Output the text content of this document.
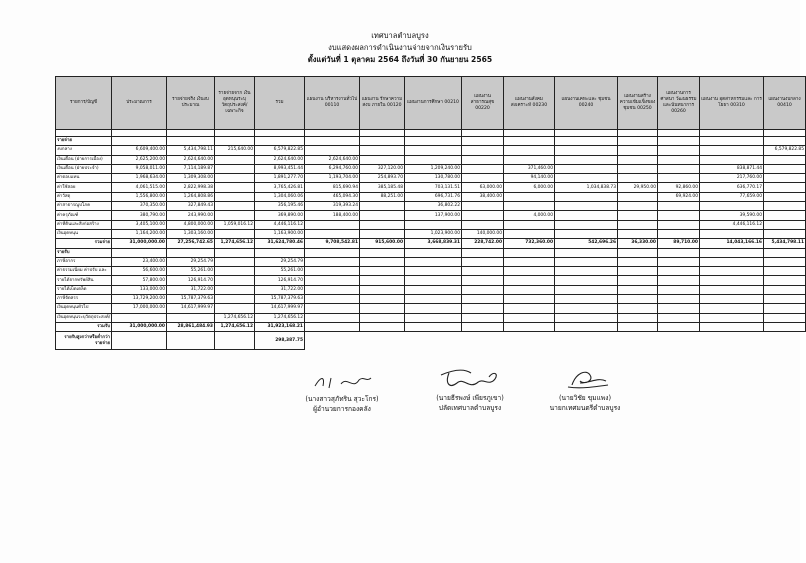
เทศบาลตำบลบูรง
งบแสดงผลการดำเนินงานจ่ายจากเงินรายรับ
ตั้งแต่วันที่ 1 ตุลาคม 2564 ถึงวันที่ 30 กันยายน 2565
รายการ/บัญชี	ประมาณการ	รายจ่ายจริง เงินงบประมาณ	รายจ่ายจาก เงินอุดหนุนระบุ วัตถุประสงค์/ เฉพาะกิจ	รวม	แผนงาน บริหารงานทั่วไป 00110	แผนงาน รักษาความสงบ ภายใน 00120	แผนงานการศึกษา 00210	แผนงาน สาธารณสุข 00220	แผนงานสังคม สงเคราะห์ 00230	แผนงานเคหะและ ชุมชน 00240	แผนงานสร้าง ความเข้มแข็งของ ชุมชน 00250	แผนงานการ ศาสนา วัฒนธรรม และนันทนาการ 00260	แผนงาน อุตสาหกรรมและ การโยธา 00310	แผนงานงบกลาง 00410

รายจ่าย														
งบกลาง	6,609,400.00	5,434,798.11	215,640.00	6,579,822.85										6,579,822.85
เงินเดือน (ฝ่ายการเมือง)	2,625,200.00	2,624,640.00		2,624,640.00	2,624,640.00									
เงินเดือน (ฝ่ายประจำ)	9,058,011.00	7,114,189.87		8,993,451.44	6,294,760.00	327,120.00	1,209,240.00		371,460.00				838,871.44	
ค่าตอบแทน	1,968,634.00	1,309,308.00		1,891,277.70	1,193,704.00	254,893.70	130,780.00		94,140.00				217,760.00	
ค่าใช้สอย	4,061,515.00	2,822,998.38		3,765,426.81	815,690.94	385,185.48	703,131.51	63,000.00	6,000.00	1,034,838.73	29,950.00	92,860.00	636,770.17	
ค่าวัสดุ	1,556,800.00	1,264,808.86		1,304,060.06	465,094.30	88,251.00	696,731.76	38,400.00				69,924.00	77,659.00	
ค่าสาธารณูปโภค	370,350.00	327,849.43		356,195.46	319,393.24		36,802.22							
ค่าครุภัณฑ์	380,790.00	243,990.00		369,890.00	188,400.00		137,900.00		4,000.00				39,590.00	
ค่าที่ดินและสิ่งก่อสร้าง	3,405,100.00	4,800,000.00	1,059,016.12	4,446,116.12									4,446,116.12	
เงินอุดหนุน	1,164,200.00	1,303,160.00		1,163,900.00			1,023,900.00	140,000.00						
รวมจ่าย	31,000,000.00	27,256,742.65	1,274,656.12	31,624,780.46	9,708,542.81	915,600.00	3,668,839.31	228,742.00	732,360.00	542,696.26	36,330.00	89,710.00	14,043,166.16	5,434,798.11
รายรับ														
ภาษีอากร	23,400.00	29,254.79		29,254.79										
ค่าธรรมเนียม ค่าปรับ และ	56,600.00	55,261.00		55,261.00										
รายได้จากทรัพย์สิน	57,800.00	126,914.70		126,914.70										
รายได้เบ็ดเตล็ด	133,000.00	31,722.00		31,722.00										
ภาษีจัดสรร	13,729,200.00	15,787,379.63		15,787,379.63										
เงินอุดหนุนทั่วไป	17,000,000.00	14,617,999.97		14,617,999.97										
เงินอุดหนุนระบุวัตถุประสงค์/			1,274,656.12	1,274,656.12										
รวมรับ	31,000,000.00	28,861,484.93	1,274,656.12	31,923,168.21										
รายรับสูงกว่าหรือต่ำกว่า รายจ่าย				298,387.75										
(นางสาวสุภัทริน สุวะโกร)
ผู้อำนวยการกองคลัง
(นายธีรพงษ์ เพียรภูเขา)
ปลัดเทศบาลตำบลบูรง
(นายวิชัย ขุมแพง)
นายกเทศมนตรีตำบลบูรง
